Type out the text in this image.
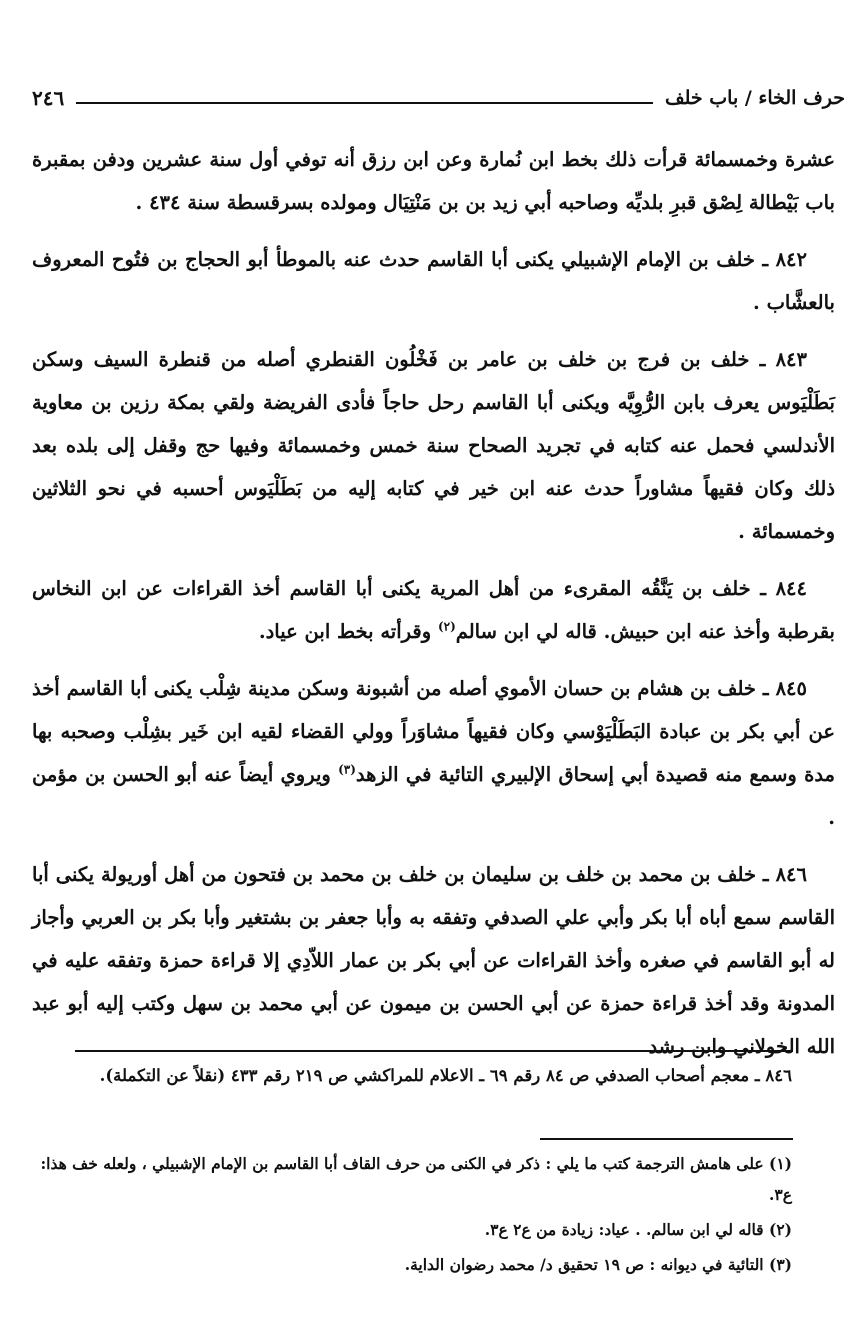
حرف الخاء / باب خلف
٢٤٦

عشرة وخمسمائة قرأت ذلك بخط ابن نُمارة وعن ابن رزق أنه توفي أول سنة عشرين ودفن بمقبرة باب بَيْطالة لِصْق قبرِ بلديِّه وصاحبه أبي زيد بن بن مَنْتِيَال ومولده بسرقسطة سنة ٤٣٤ .

٨٤٢ ـ خلف بن الإمام الإشبيلي يكنى أبا القاسم حدث عنه بالموطأ أبو الحجاج بن فتُوح المعروف بالعشَّاب .

٨٤٣ ـ خلف بن فرج بن خلف بن عامر بن فَخْلُون القنطري أصله من قنطرة السيف وسكن بَطَلْيَوس يعرف بابن الرُّوِيَّه ويكنى أبا القاسم رحل حاجاً فأدى الفريضة ولقي بمكة رزين بن معاوية الأندلسي فحمل عنه كتابه في تجريد الصحاح سنة خمس وخمسمائة وفيها حج وقفل إلى بلده بعد ذلك وكان فقيهاً مشاوراً حدث عنه ابن خير في كتابه إليه من بَطَلْيَوس أحسبه في نحو الثلاثين وخمسمائة .

٨٤٤ ـ خلف بن يَنَّقُه المقرىء من أهل المرية يكنى أبا القاسم أخذ القراءات عن ابن النخاس بقرطبة وأخذ عنه ابن حبيش. قاله لي ابن سالم$^{(٢)}$ وقرأته بخط ابن عياد.

٨٤٥ ـ خلف بن هشام بن حسان الأموي أصله من أشبونة وسكن مدينة شِلْب يكنى أبا القاسم أخذ عن أبي بكر بن عبادة البَطَلْيَوْسي وكان فقيهاً مشاوَراً وولي القضاء لقيه ابن خَير بشِلْب وصحبه بها مدة وسمع منه قصيدة أبي إسحاق الإلبيري التائية في الزهد$^{(٣)}$ ويروي أيضاً عنه أبو الحسن بن مؤمن .

٨٤٦ ـ خلف بن محمد بن خلف بن سليمان بن خلف بن محمد بن فتحون من أهل أوريولة يكنى أبا القاسم سمع أباه أبا بكر وأبي علي الصدفي وتفقه به وأبا جعفر بن بشتغير وأبا بكر بن العربي وأجاز له أبو القاسم في صغره وأخذ القراءات عن أبي بكر بن عمار اللاّدِي إلا قراءة حمزة وتفقه عليه في المدونة وقد أخذ قراءة حمزة عن أبي الحسن بن ميمون عن أبي محمد بن سهل وكتب إليه أبو عبد الله الخولاني وابن رشد

٨٤٦ ـ معجم أصحاب الصدفي ص ٨٤ رقم ٦٩ ـ الاعلام للمراكشي ص ٢١٩ رقم ٤٣٣ (نقلاً عن التكملة).

(١) على هامش الترجمة كتب ما يلي : ذكر في الكنى من حرف القاف أبا القاسم بن الإمام الإشبيلي ، ولعله خف هذا: ع٣.

(٢) قاله لي ابن سالم. . عياد: زيادة من ع٢ ع٣.

(٣) التائية في ديوانه : ص ١٩ تحقيق د/ محمد رضوان الداية.
